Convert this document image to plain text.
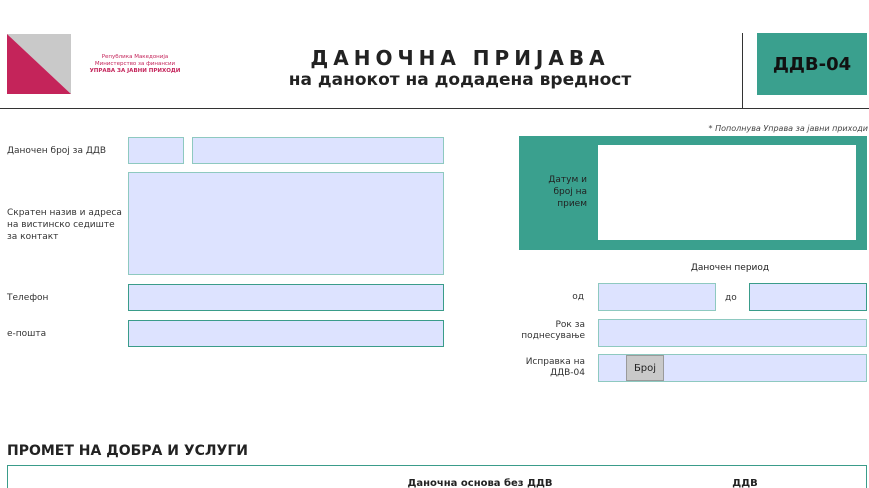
Република Македонија
Министерство за финансии
УПРАВА ЗА ЈАВНИ ПРИХОДИ
ДАНОЧНА ПРИЈАВА
на данокот на додадена вредност
ДДВ-04
Даночен број за ДДВ
Скратен назив и адреса на вистинско седиште за контакт
Телефон
е-пошта
* Пополнува Управа за јавни приходи
Датум и број на прием
Даночен период
од	до
Рок за поднесување
Исправка на ДДВ-04	Број
ПРОМЕТ НА ДОБРА И УСЛУГИ
Даночна основа без ДДВ	ДДВ
